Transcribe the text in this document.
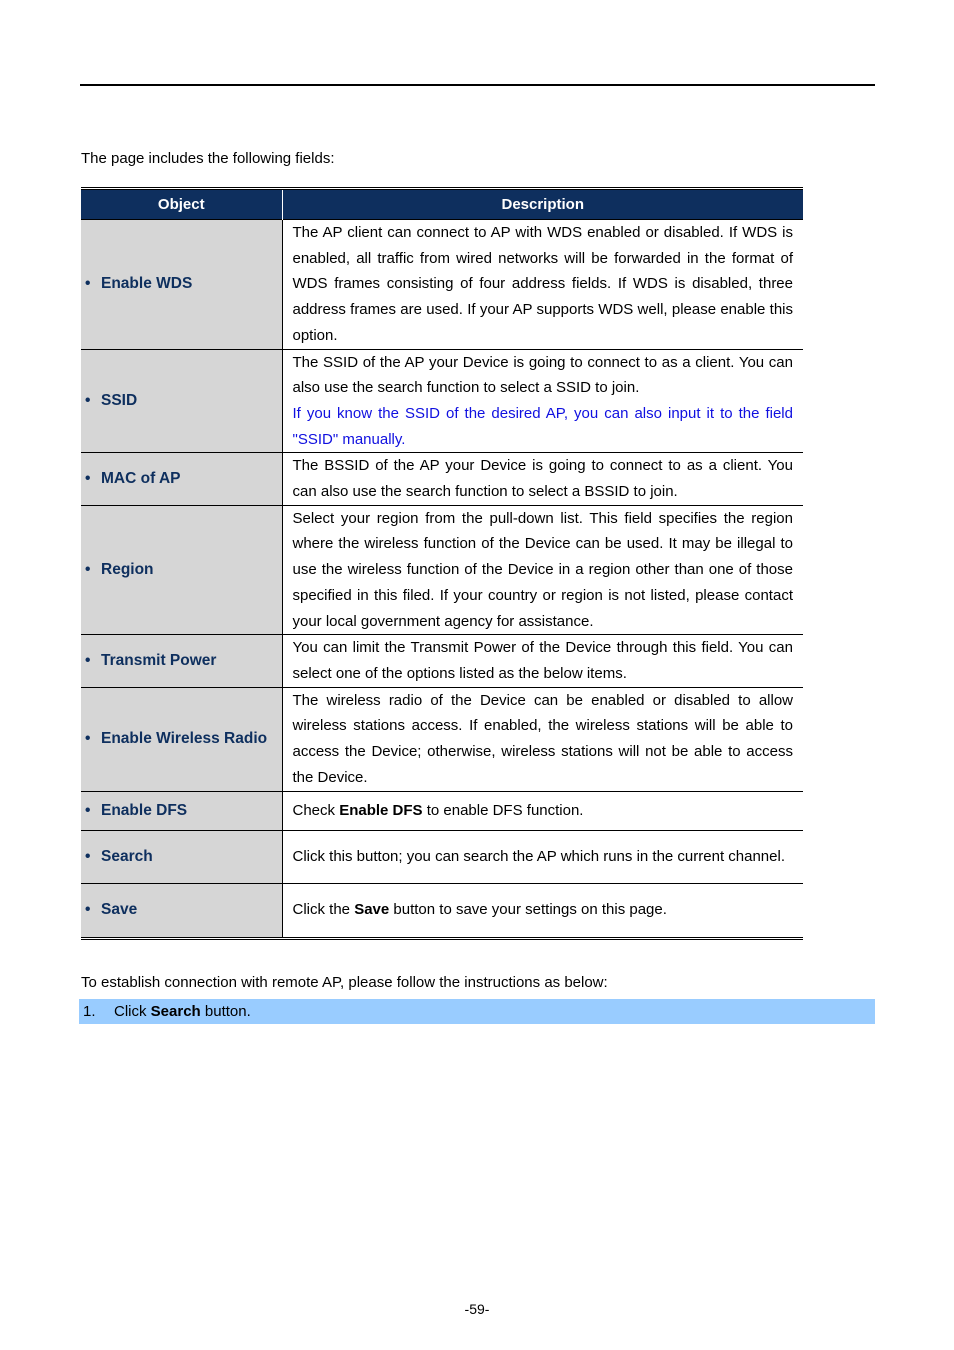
The page includes the following fields:
Object	Description
• Enable WDS	The AP client can connect to AP with WDS enabled or disabled. If WDS is enabled, all traffic from wired networks will be forwarded in the format of WDS frames consisting of four address fields. If WDS is disabled, three address frames are used. If your AP supports WDS well, please enable this option.
• SSID	The SSID of the AP your Device is going to connect to as a client. You can also use the search function to select a SSID to join.
If you know the SSID of the desired AP, you can also input it to the field "SSID" manually.
• MAC of AP	The BSSID of the AP your Device is going to connect to as a client. You can also use the search function to select a BSSID to join.
• Region	Select your region from the pull-down list. This field specifies the region where the wireless function of the Device can be used. It may be illegal to use the wireless function of the Device in a region other than one of those specified in this filed. If your country or region is not listed, please contact your local government agency for assistance.
• Transmit Power	You can limit the Transmit Power of the Device through this field. You can select one of the options listed as the below items.
• Enable Wireless Radio	The wireless radio of the Device can be enabled or disabled to allow wireless stations access. If enabled, the wireless stations will be able to access the Device; otherwise, wireless stations will not be able to access the Device.
• Enable DFS	Check Enable DFS to enable DFS function.
• Search	Click this button; you can search the AP which runs in the current channel.
• Save	Click the Save button to save your settings on this page.
To establish connection with remote AP, please follow the instructions as below:
1. Click Search button.
-59-
